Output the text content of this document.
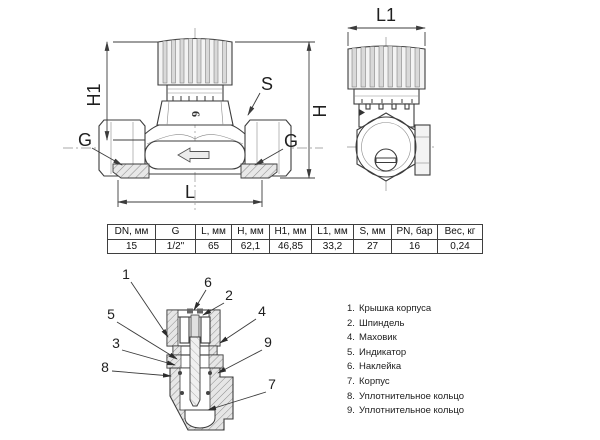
6
H1
H
L
G	G
S
L1
DN, мм	G	L, мм	H, мм	H1, мм	L1, мм	S, мм	PN, бар	Вес, кг
15	1/2"	65	62,1	46,85	33,2	27	16	0,24
1	6
2
4
5
3
8
9
7
1. Крышка корпуса
2. Шпиндель
4. Маховик
5. Индикатор
6. Наклейка
7. Корпус
8. Уплотнительное кольцо
9. Уплотнительное кольцо
